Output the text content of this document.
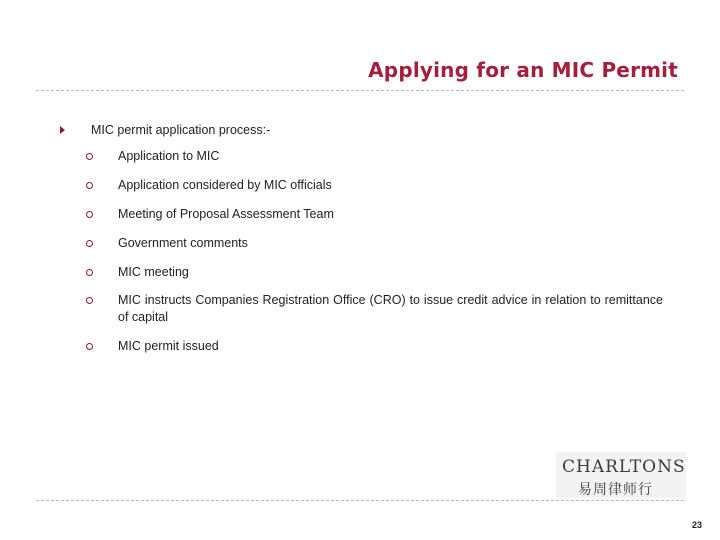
Applying for an MIC Permit
MIC permit application process:-
Application to MIC
Application considered by MIC officials
Meeting of Proposal Assessment Team
Government comments
MIC meeting
MIC instructs Companies Registration Office (CRO) to issue credit advice in relation to remittance of capital
MIC permit issued
CHARLTONS
易周律师行
23
